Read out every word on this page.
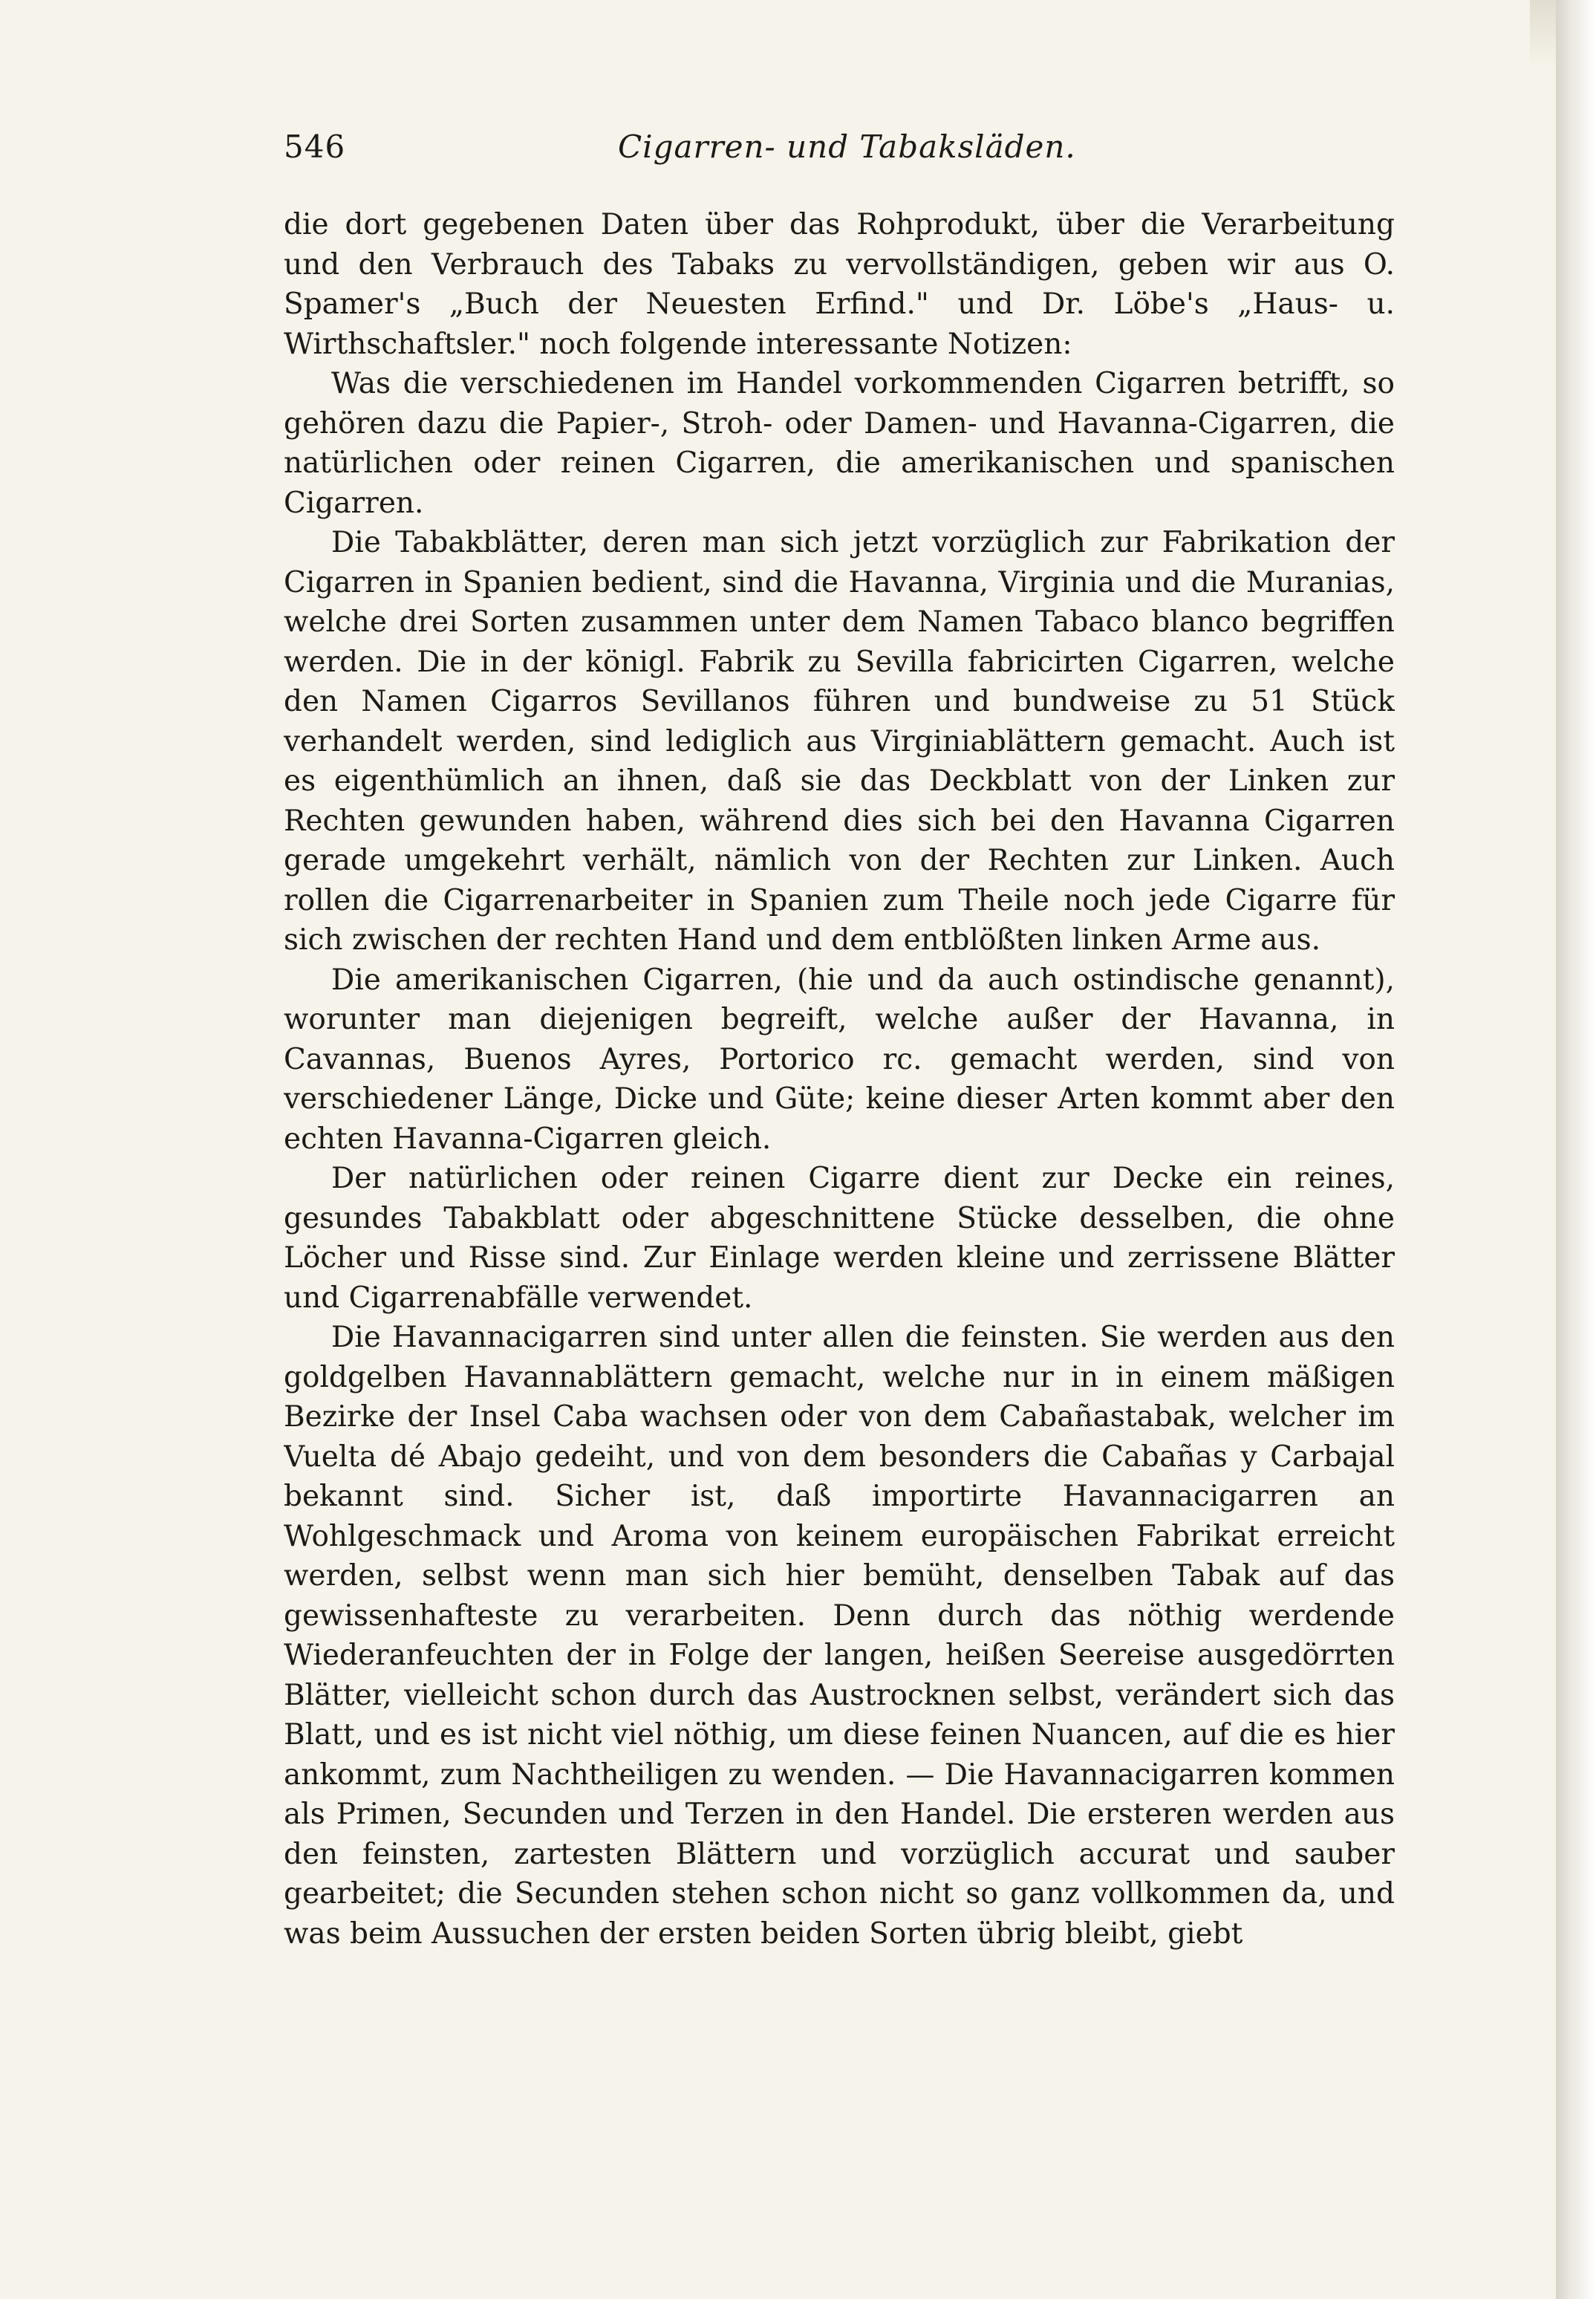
546	Cigarren- und Tabaksläden.

die dort gegebenen Daten über das Rohprodukt, über die Verarbeitung und den Verbrauch des Tabaks zu vervollständigen, geben wir aus O. Spamer's „Buch der Neuesten Erfind." und Dr. Löbe's „Haus- u. Wirthschaftsler." noch folgende interessante Notizen:

Was die verschiedenen im Handel vorkommenden Cigarren betrifft, so gehören dazu die Papier-, Stroh- oder Damen- und Havanna-Cigarren, die natürlichen oder reinen Cigarren, die amerikanischen und spanischen Cigarren.

Die Tabakblätter, deren man sich jetzt vorzüglich zur Fabrikation der Cigarren in Spanien bedient, sind die Havanna, Virginia und die Muranias, welche drei Sorten zusammen unter dem Namen Tabaco blanco begriffen werden. Die in der königl. Fabrik zu Sevilla fabricirten Cigarren, welche den Namen Cigarros Sevillanos führen und bundweise zu 51 Stück verhandelt werden, sind lediglich aus Virginiablättern gemacht. Auch ist es eigenthümlich an ihnen, daß sie das Deckblatt von der Linken zur Rechten gewunden haben, während dies sich bei den Havanna Cigarren gerade umgekehrt verhält, nämlich von der Rechten zur Linken. Auch rollen die Cigarrenarbeiter in Spanien zum Theile noch jede Cigarre für sich zwischen der rechten Hand und dem entblößten linken Arme aus.

Die amerikanischen Cigarren, (hie und da auch ostindische genannt), worunter man diejenigen begreift, welche außer der Havanna, in Cavannas, Buenos Ayres, Portorico rc. gemacht werden, sind von verschiedener Länge, Dicke und Güte; keine dieser Arten kommt aber den echten Havanna-Cigarren gleich.

Der natürlichen oder reinen Cigarre dient zur Decke ein reines, gesundes Tabakblatt oder abgeschnittene Stücke desselben, die ohne Löcher und Risse sind. Zur Einlage werden kleine und zerrissene Blätter und Cigarrenabfälle verwendet.

Die Havannacigarren sind unter allen die feinsten. Sie werden aus den goldgelben Havannablättern gemacht, welche nur in in einem mäßigen Bezirke der Insel Caba wachsen oder von dem Cabañastabak, welcher im Vuelta dé Abajo gedeiht, und von dem besonders die Cabañas y Carbajal bekannt sind. Sicher ist, daß importirte Havannacigarren an Wohlgeschmack und Aroma von keinem europäischen Fabrikat erreicht werden, selbst wenn man sich hier bemüht, denselben Tabak auf das gewissenhafteste zu verarbeiten. Denn durch das nöthig werdende Wiederanfeuchten der in Folge der langen, heißen Seereise ausgedörrten Blätter, vielleicht schon durch das Austrocknen selbst, verändert sich das Blatt, und es ist nicht viel nöthig, um diese feinen Nuancen, auf die es hier ankommt, zum Nachtheiligen zu wenden. — Die Havannacigarren kommen als Primen, Secunden und Terzen in den Handel. Die ersteren werden aus den feinsten, zartesten Blättern und vorzüglich accurat und sauber gearbeitet; die Secunden stehen schon nicht so ganz vollkommen da, und was beim Aussuchen der ersten beiden Sorten übrig bleibt, giebt
